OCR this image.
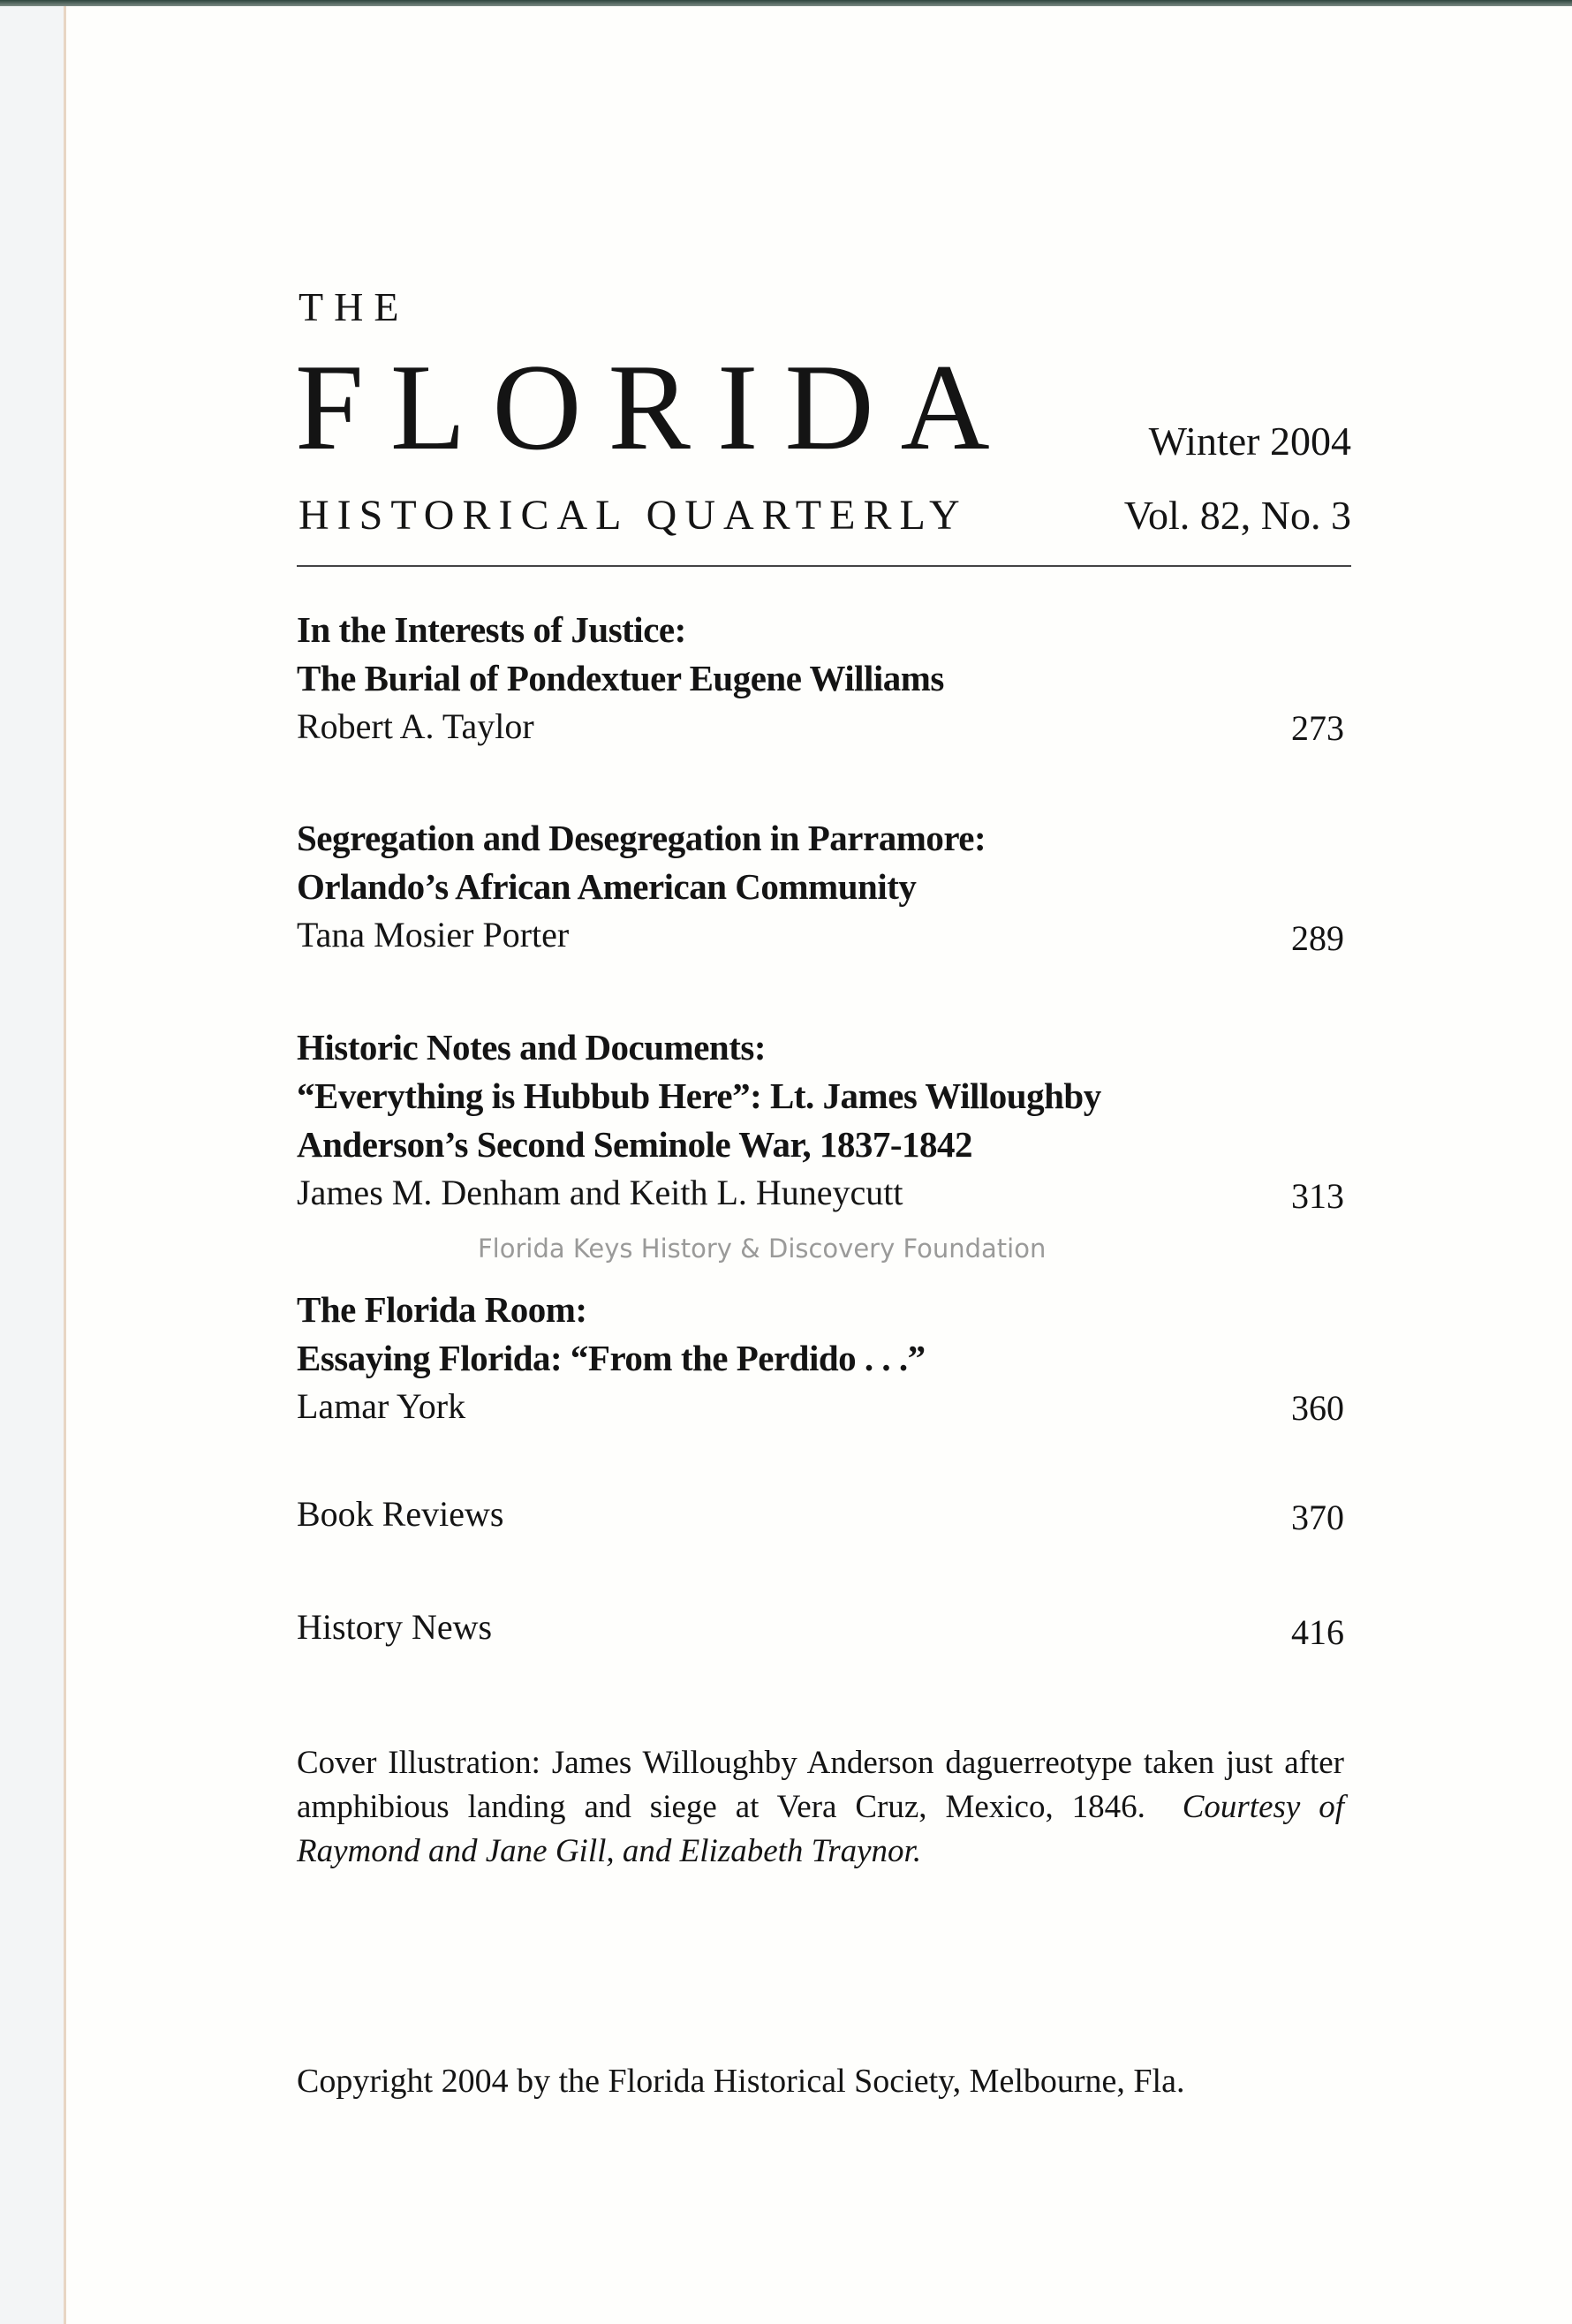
THE
FLORIDA	Winter 2004
HISTORICAL QUARTERLY	Vol. 82, No. 3
In the Interests of Justice:
The Burial of Pondextuer Eugene Williams
Robert A. Taylor	273
Segregation and Desegregation in Parramore:
Orlando’s African American Community
Tana Mosier Porter	289
Historic Notes and Documents:
“Everything is Hubbub Here”: Lt. James Willoughby
Anderson’s Second Seminole War, 1837-1842
James M. Denham and Keith L. Huneycutt	313
Florida Keys History & Discovery Foundation
The Florida Room:
Essaying Florida: “From the Perdido . . .”
Lamar York	360
Book Reviews	370
History News	416
Cover Illustration: James Willoughby Anderson daguerreotype taken just after amphibious landing and siege at Vera Cruz, Mexico, 1846. Courtesy of Raymond and Jane Gill, and Elizabeth Traynor.
Copyright 2004 by the Florida Historical Society, Melbourne, Fla.
